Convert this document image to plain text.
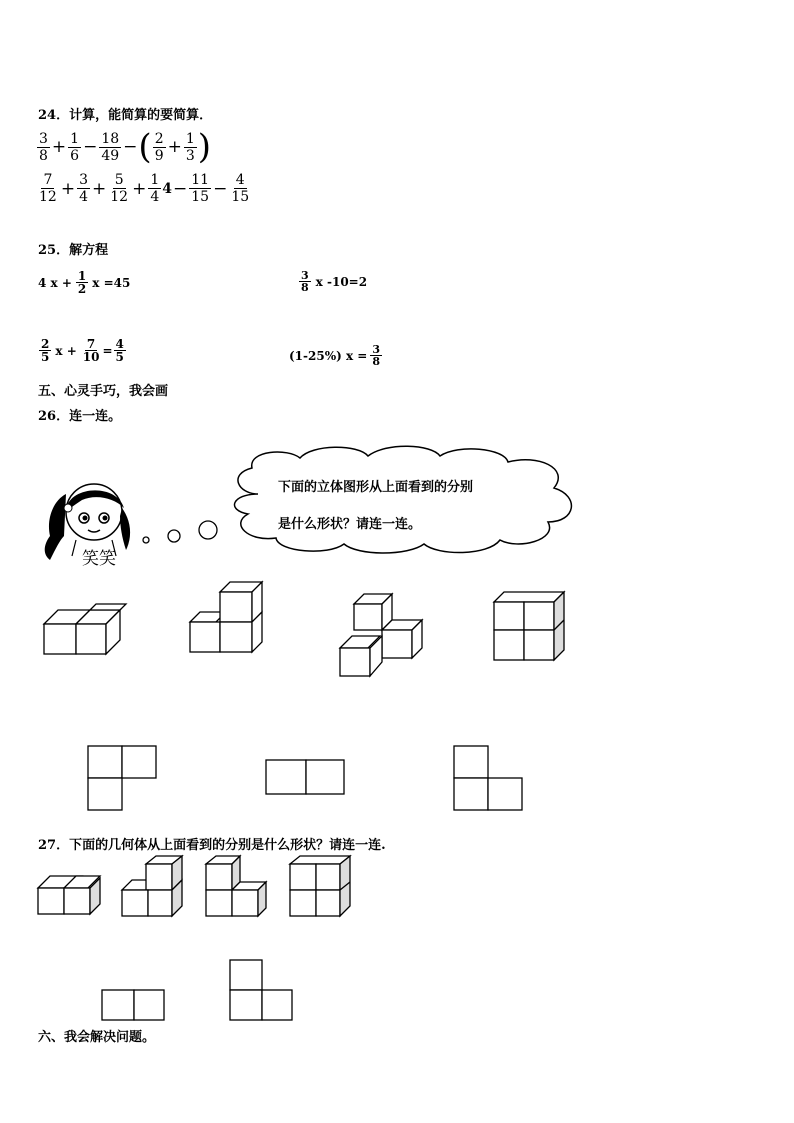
24．计算，能简算的要简算．
3
$8 + \frac{1}{6} - \frac{18}{49}$ − ( 2
$9 + \frac{1}{3}$ )
7
$12 + \frac{3}{4} + \frac{5}{12} + \frac{1}{4} 4 - \frac{11}{15} - \frac{4}{15}$
25．解方程
4 $x + \frac{1}{2}$ x =45	3
8 x -10=2
2
5 $x + \frac{7}{10} = \frac{4}{5}$	(1-25%) $x = \frac{3}{8}$
五、心灵手巧，我会画
26．连一连。
笑笑
下面的立体图形从上面看到的分别
是什么形状？请连一连。
27．下面的几何体从上面看到的分别是什么形状？请连一连.
六、我会解决问题。
